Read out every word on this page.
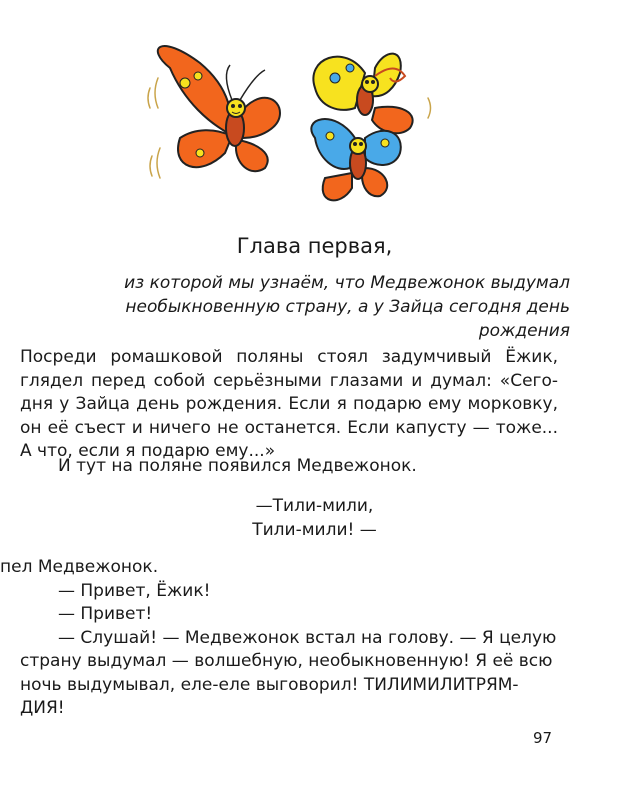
Глава первая,
из которой мы узнаём, что Медвежонок выдумал
необыкновенную страну, а у Зайца сегодня день рождения
Посреди ромашковой поляны стоял задумчивый Ёжик,
глядел перед собой серьёзными глазами и думал: «Сего-
дня у Зайца день рождения. Если я подарю ему морковку,
он её съест и ничего не останется. Если капусту — тоже...
А что, если я подарю ему...»
И тут на поляне появился Медвежонок.
—Тили-мили,
Тили-мили! —
пел Медвежонок.
— Привет, Ёжик!
— Привет!
— Слушай! — Медвежонок встал на голову. — Я целую
страну выдумал — волшебную, необыкновенную! Я её всю
ночь выдумывал, еле-еле выговорил! ТИЛИМИЛИТРЯМ-
ДИЯ!
97
